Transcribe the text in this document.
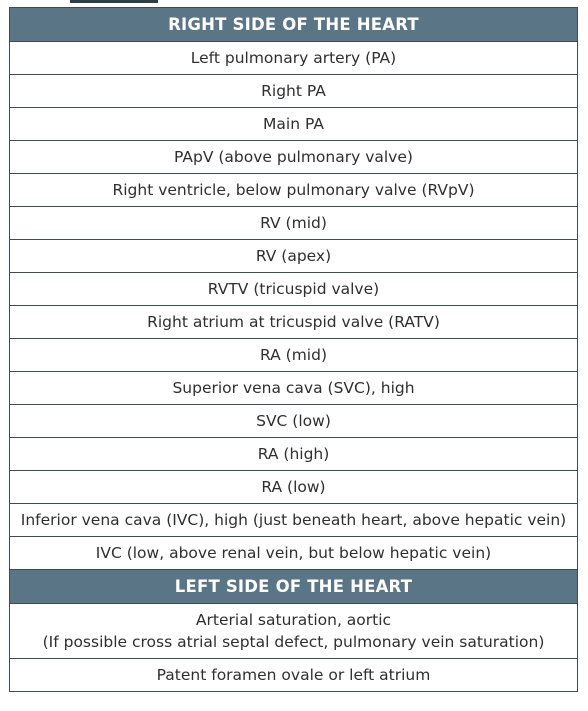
RIGHT SIDE OF THE HEART
Left pulmonary artery (PA)
Right PA
Main PA
PApV (above pulmonary valve)
Right ventricle, below pulmonary valve (RVpV)
RV (mid)
RV (apex)
RVTV (tricuspid valve)
Right atrium at tricuspid valve (RATV)
RA (mid)
Superior vena cava (SVC), high
SVC (low)
RA (high)
RA (low)
Inferior vena cava (IVC), high (just beneath heart, above hepatic vein)
IVC (low, above renal vein, but below hepatic vein)
LEFT SIDE OF THE HEART

Arterial saturation, aortic
(If possible cross atrial septal defect, pulmonary vein saturation)

Patent foramen ovale or left atrium
